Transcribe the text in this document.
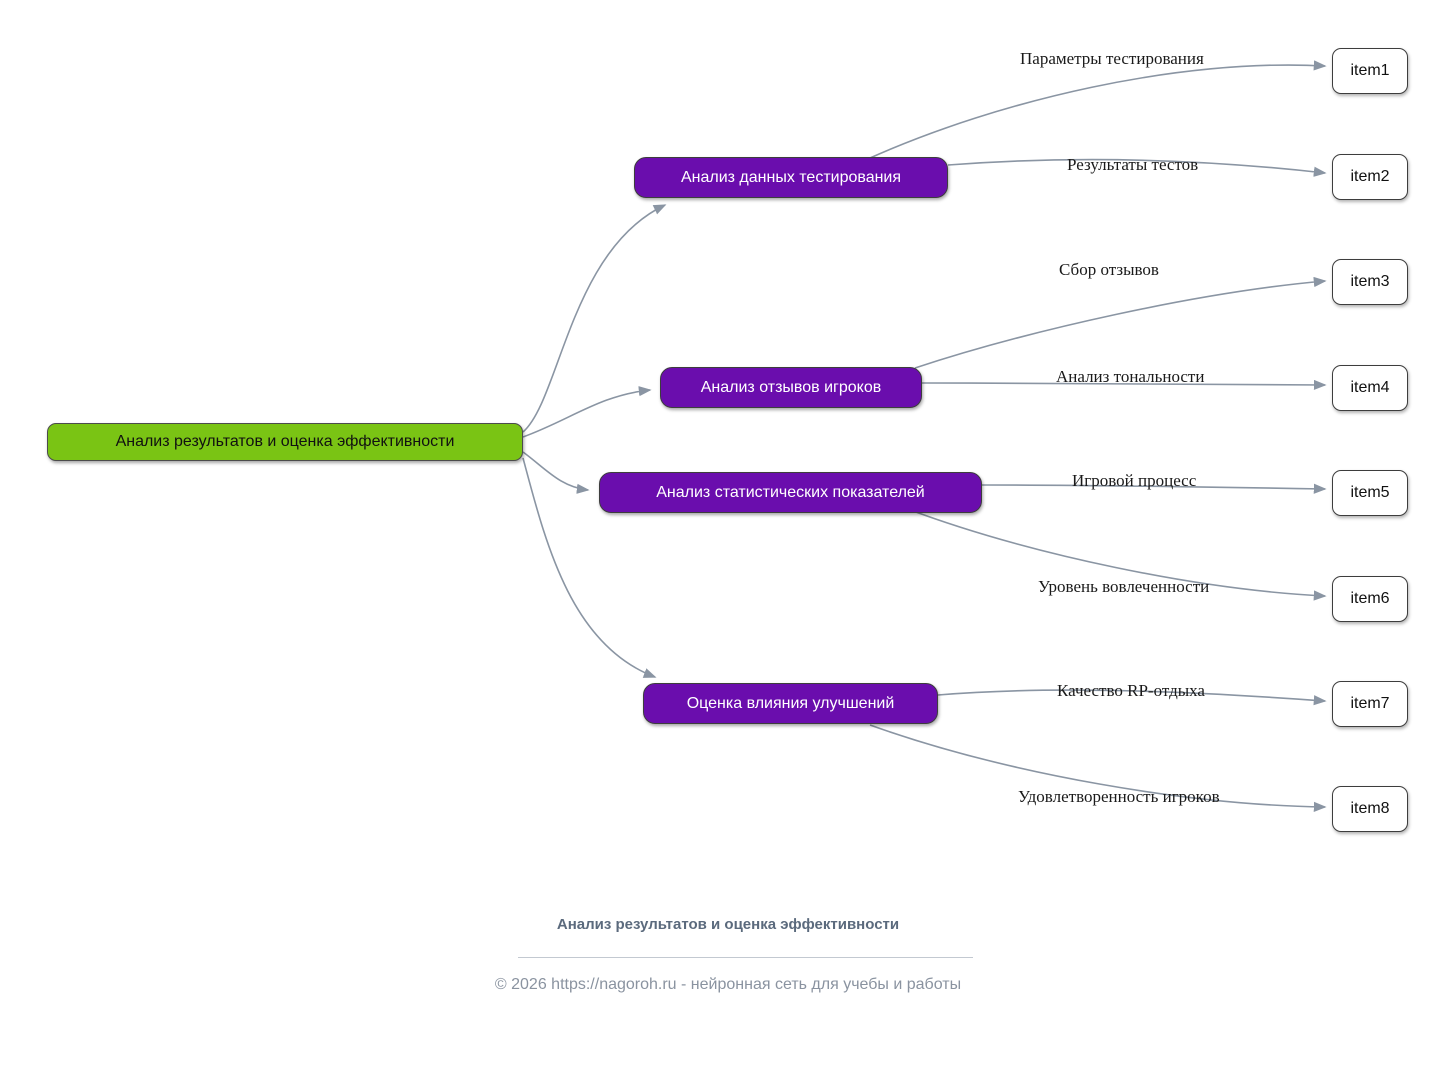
Анализ результатов и оценка эффективности
Анализ данных тестирования
Анализ отзывов игроков
Анализ статистических показателей
Оценка влияния улучшений
item1
item2
item3
item4
item5
item6
item7
item8
Параметры тестирования
Результаты тестов
Сбор отзывов
Анализ тональности
Игровой процесс
Уровень вовлеченности
Качество RP-отдыха
Удовлетворенность игроков
Анализ результатов и оценка эффективности
© 2026 https://nagoroh.ru - нейронная сеть для учебы и работы
